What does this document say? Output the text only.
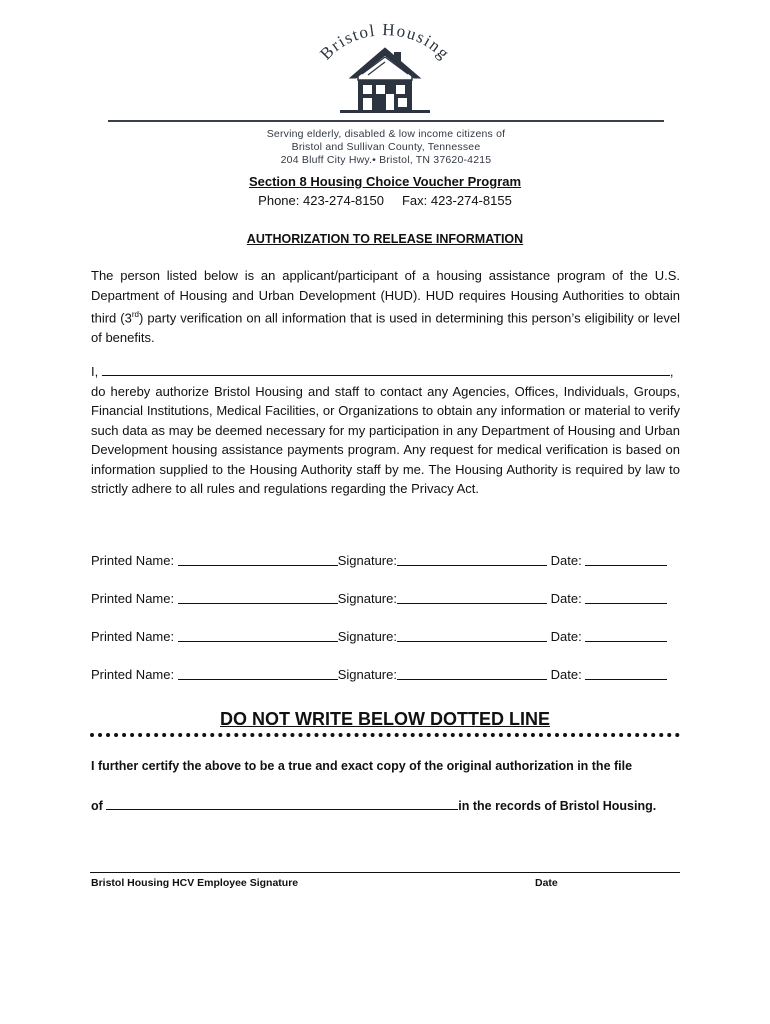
Bristol Housing
Serving elderly, disabled & low income citizens of
Bristol and Sullivan County, Tennessee
204 Bluff City Hwy.• Bristol, TN 37620-4215
Section 8 Housing Choice Voucher Program
Phone: 423-274-8150 Fax: 423-274-8155
AUTHORIZATION TO RELEASE INFORMATION
The person listed below is an applicant/participant of a housing assistance program of the U.S. Department of Housing and Urban Development (HUD). HUD requires Housing Authorities to obtain third (3rd) party verification on all information that is used in determining this person’s eligibility or level of benefits.
I,	,
do hereby authorize Bristol Housing and staff to contact any Agencies, Offices, Individuals, Groups, Financial Institutions, Medical Facilities, or Organizations to obtain any information or material to verify such data as may be deemed necessary for my participation in any Department of Housing and Urban Development housing assistance payments program. Any request for medical verification is based on information supplied to the Housing Authority staff by me. The Housing Authority is required by law to strictly adhere to all rules and regulations regarding the Privacy Act.
Printed Name:	Signature:	Date:
Printed Name:	Signature:	Date:
Printed Name:	Signature:	Date:
Printed Name:	Signature:	Date:
DO NOT WRITE BELOW DOTTED LINE
I further certify the above to be a true and exact copy of the original authorization in the file
of	in the records of Bristol Housing.
Bristol Housing HCV Employee Signature	Date
